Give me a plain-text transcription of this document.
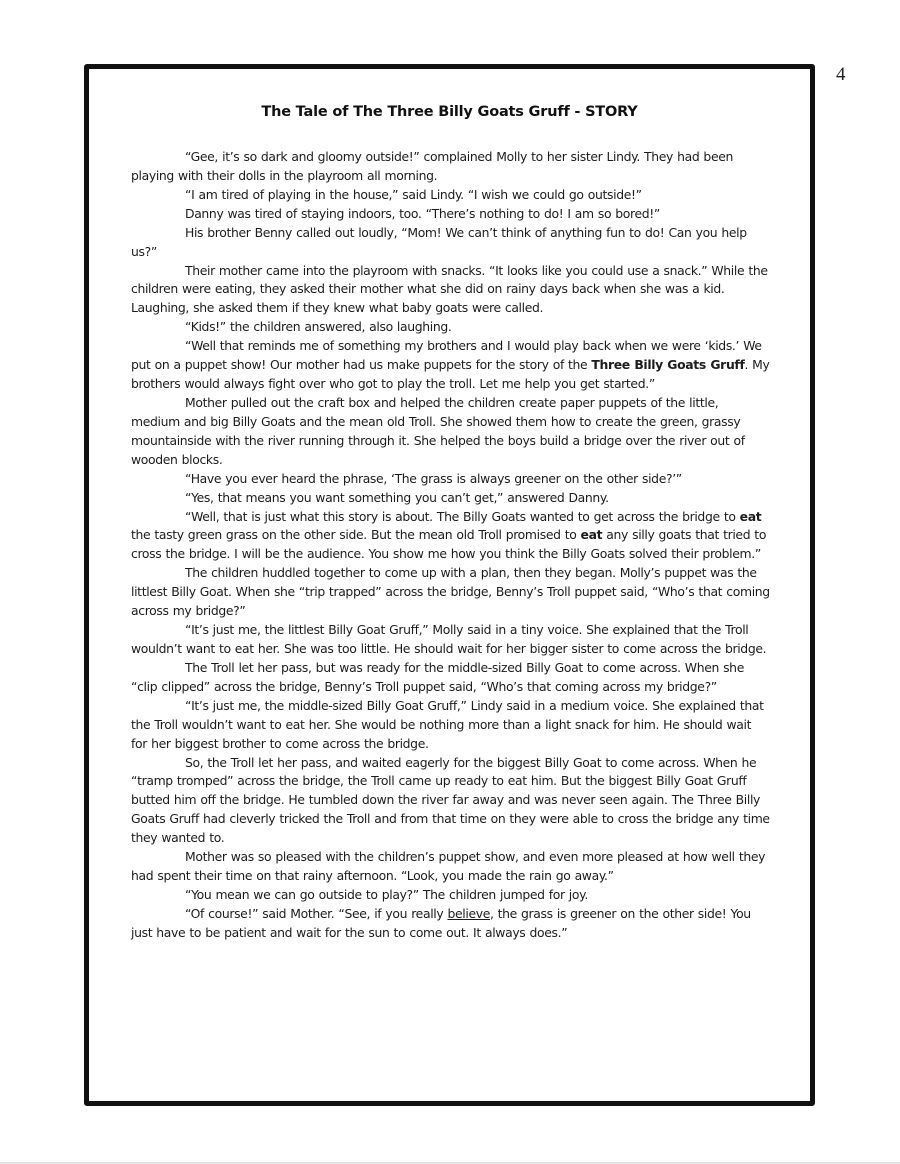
4
The Tale of The Three Billy Goats Gruff - STORY

“Gee, it’s so dark and gloomy outside!” complained Molly to her sister Lindy. They had been playing with their dolls in the playroom all morning.

“I am tired of playing in the house,” said Lindy. “I wish we could go outside!”

Danny was tired of staying indoors, too. “There’s nothing to do! I am so bored!”

His brother Benny called out loudly, “Mom! We can’t think of anything fun to do! Can you help us?”

Their mother came into the playroom with snacks. “It looks like you could use a snack.” While the children were eating, they asked their mother what she did on rainy days back when she was a kid. Laughing, she asked them if they knew what baby goats were called.

“Kids!” the children answered, also laughing.

“Well that reminds me of something my brothers and I would play back when we were ‘kids.’ We put on a puppet show! Our mother had us make puppets for the story of the Three Billy Goats Gruff. My brothers would always fight over who got to play the troll. Let me help you get started.”

Mother pulled out the craft box and helped the children create paper puppets of the little, medium and big Billy Goats and the mean old Troll. She showed them how to create the green, grassy mountainside with the river running through it. She helped the boys build a bridge over the river out of wooden blocks.

“Have you ever heard the phrase, ‘The grass is always greener on the other side?’”

“Yes, that means you want something you can’t get,” answered Danny.

“Well, that is just what this story is about. The Billy Goats wanted to get across the bridge to eat the tasty green grass on the other side. But the mean old Troll promised to eat any silly goats that tried to cross the bridge. I will be the audience. You show me how you think the Billy Goats solved their problem.”

The children huddled together to come up with a plan, then they began. Molly’s puppet was the littlest Billy Goat. When she “trip trapped” across the bridge, Benny’s Troll puppet said, “Who’s that coming across my bridge?”

“It’s just me, the littlest Billy Goat Gruff,” Molly said in a tiny voice. She explained that the Troll wouldn’t want to eat her. She was too little. He should wait for her bigger sister to come across the bridge.

The Troll let her pass, but was ready for the middle-sized Billy Goat to come across. When she “clip clipped” across the bridge, Benny’s Troll puppet said, “Who’s that coming across my bridge?”

“It’s just me, the middle-sized Billy Goat Gruff,” Lindy said in a medium voice. She explained that the Troll wouldn’t want to eat her. She would be nothing more than a light snack for him. He should wait for her biggest brother to come across the bridge.

So, the Troll let her pass, and waited eagerly for the biggest Billy Goat to come across. When he “tramp tromped” across the bridge, the Troll came up ready to eat him. But the biggest Billy Goat Gruff butted him off the bridge. He tumbled down the river far away and was never seen again. The Three Billy Goats Gruff had cleverly tricked the Troll and from that time on they were able to cross the bridge any time they wanted to.

Mother was so pleased with the children’s puppet show, and even more pleased at how well they had spent their time on that rainy afternoon. “Look, you made the rain go away.”

“You mean we can go outside to play?” The children jumped for joy.

“Of course!” said Mother. “See, if you really believe, the grass is greener on the other side! You just have to be patient and wait for the sun to come out. It always does.”
